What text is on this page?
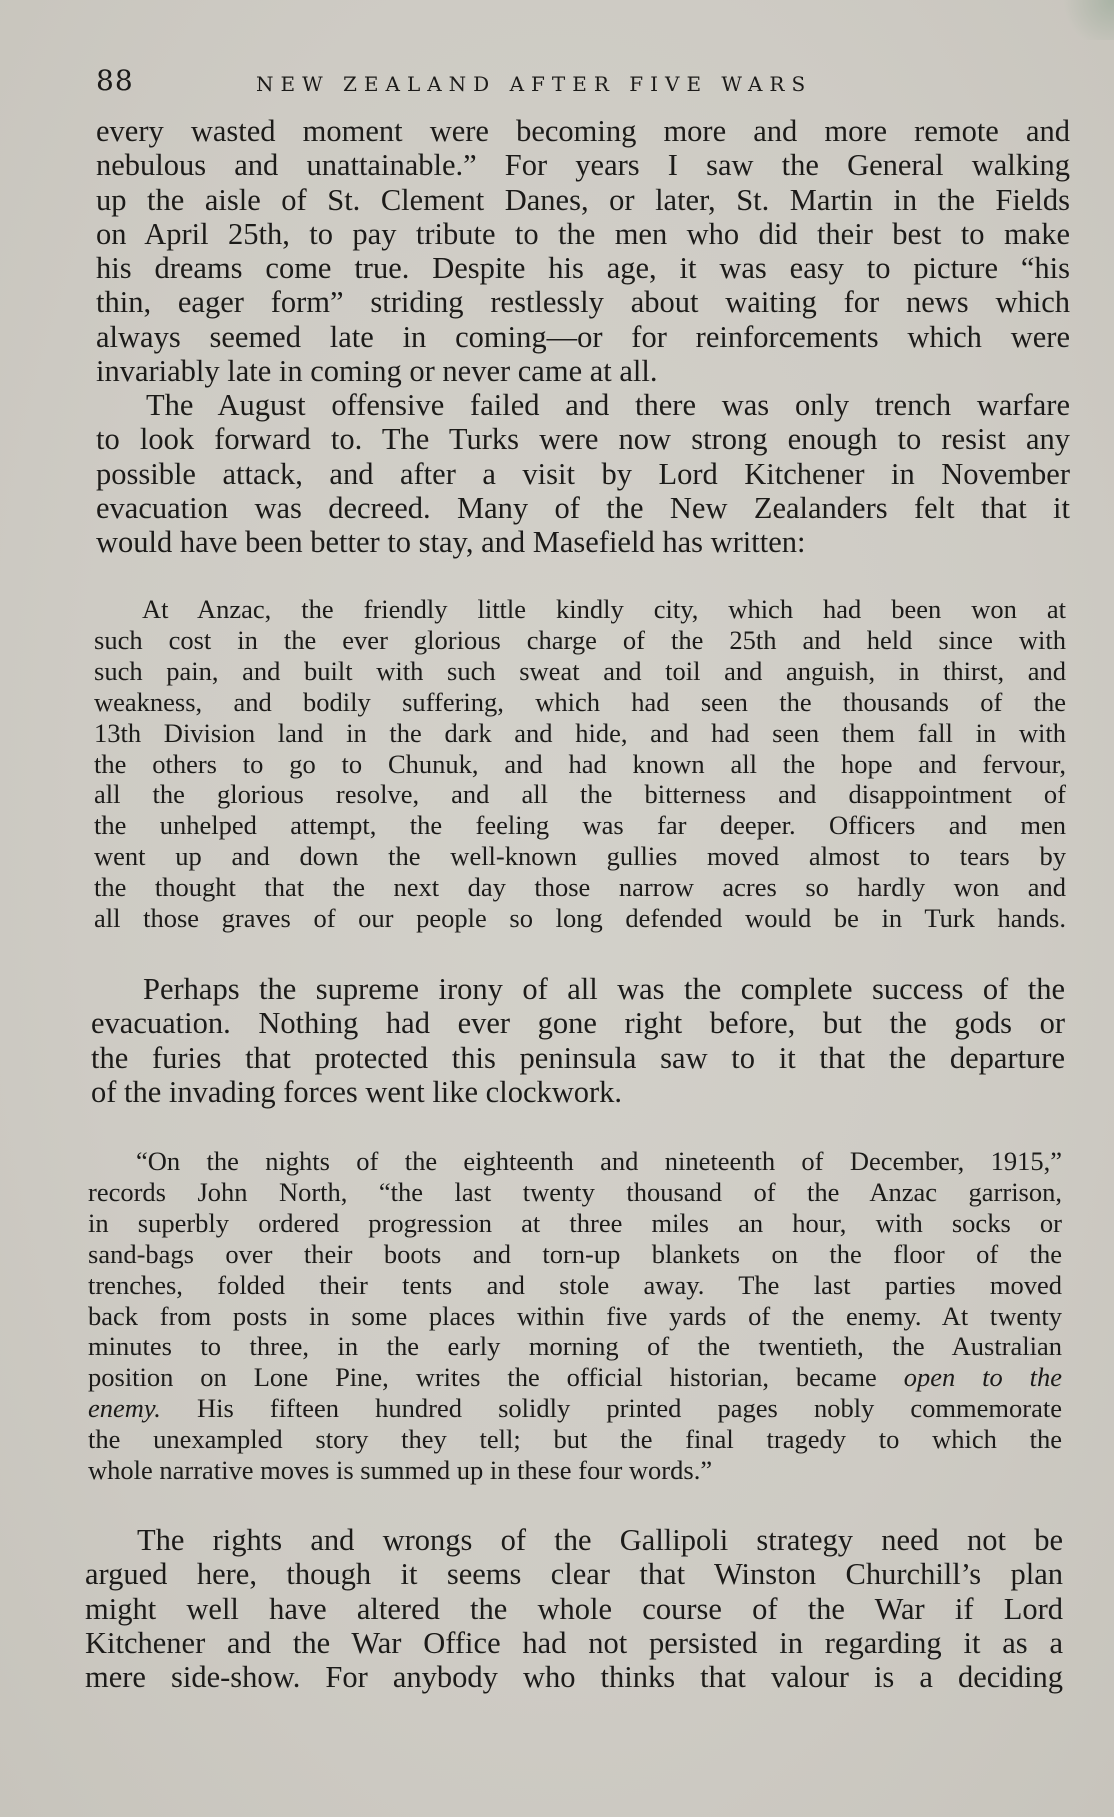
88	NEW ZEALAND AFTER FIVE WARS
every wasted moment were becoming more and more remote and
nebulous and unattainable.” For years I saw the General walking
up the aisle of St. Clement Danes, or later, St. Martin in the Fields
on April 25th, to pay tribute to the men who did their best to make
his dreams come true. Despite his age, it was easy to picture “his
thin, eager form” striding restlessly about waiting for news which
always seemed late in coming—or for reinforcements which were
invariably late in coming or never came at all.
The August offensive failed and there was only trench warfare
to look forward to. The Turks were now strong enough to resist any
possible attack, and after a visit by Lord Kitchener in November
evacuation was decreed. Many of the New Zealanders felt that it
would have been better to stay, and Masefield has written:
At Anzac, the friendly little kindly city, which had been won at
such cost in the ever glorious charge of the 25th and held since with
such pain, and built with such sweat and toil and anguish, in thirst, and
weakness, and bodily suffering, which had seen the thousands of the
13th Division land in the dark and hide, and had seen them fall in with
the others to go to Chunuk, and had known all the hope and fervour,
all the glorious resolve, and all the bitterness and disappointment of
the unhelped attempt, the feeling was far deeper. Officers and men
went up and down the well-known gullies moved almost to tears by
the thought that the next day those narrow acres so hardly won and
all those graves of our people so long defended would be in Turk hands.
Perhaps the supreme irony of all was the complete success of the
evacuation. Nothing had ever gone right before, but the gods or
the furies that protected this peninsula saw to it that the departure
of the invading forces went like clockwork.
“On the nights of the eighteenth and nineteenth of December, 1915,”
records John North, “the last twenty thousand of the Anzac garrison,
in superbly ordered progression at three miles an hour, with socks or
sand-bags over their boots and torn-up blankets on the floor of the
trenches, folded their tents and stole away. The last parties moved
back from posts in some places within five yards of the enemy. At twenty
minutes to three, in the early morning of the twentieth, the Australian
position on Lone Pine, writes the official historian, became open to the
enemy. His fifteen hundred solidly printed pages nobly commemorate
the unexampled story they tell; but the final tragedy to which the
whole narrative moves is summed up in these four words.”
The rights and wrongs of the Gallipoli strategy need not be
argued here, though it seems clear that Winston Churchill’s plan
might well have altered the whole course of the War if Lord
Kitchener and the War Office had not persisted in regarding it as a
mere side-show. For anybody who thinks that valour is a deciding
